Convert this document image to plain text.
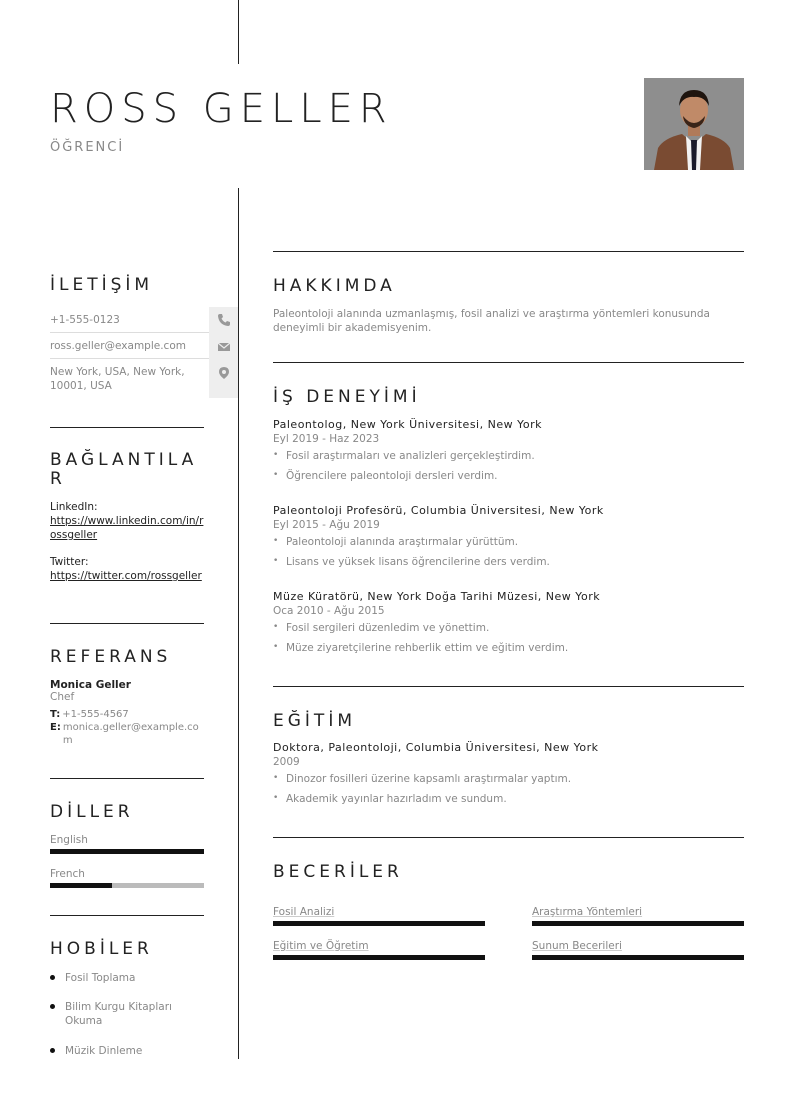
ROSS GELLER
ÖĞRENCİ
İLETİŞİM
+1-555-0123
ross.geller@example.com
New York, USA, New York, 10001, USA
BAĞLANTILAR
LinkedIn:
https://www.linkedin.com/in/rossgeller
Twitter:
https://twitter.com/rossgeller
REFERANS
Monica Geller
Chef
T: +1-555-4567
E: monica.geller@example.com
DİLLER
English
French
HOBİLER
Fosil Toplama
Bilim Kurgu Kitapları Okuma
Müzik Dinleme
HAKKIMDA
Paleontoloji alanında uzmanlaşmış, fosil analizi ve araştırma yöntemleri konusunda deneyimli bir akademisyenim.
İŞ DENEYİMİ
Paleontolog, New York Üniversitesi, New York
Eyl 2019 - Haz 2023
• Fosil araştırmaları ve analizleri gerçekleştirdim.
• Öğrencilere paleontoloji dersleri verdim.
Paleontoloji Profesörü, Columbia Üniversitesi, New York
Eyl 2015 - Ağu 2019
• Paleontoloji alanında araştırmalar yürüttüm.
• Lisans ve yüksek lisans öğrencilerine ders verdim.
Müze Küratörü, New York Doğa Tarihi Müzesi, New York
Oca 2010 - Ağu 2015
• Fosil sergileri düzenledim ve yönettim.
• Müze ziyaretçilerine rehberlik ettim ve eğitim verdim.
EĞİTİM
Doktora, Paleontoloji, Columbia Üniversitesi, New York
2009
• Dinozor fosilleri üzerine kapsamlı araştırmalar yaptım.
• Akademik yayınlar hazırladım ve sundum.
BECERİLER
Fosil Analizi	Araştırma Yöntemleri
Eğitim ve Öğretim	Sunum Becerileri
